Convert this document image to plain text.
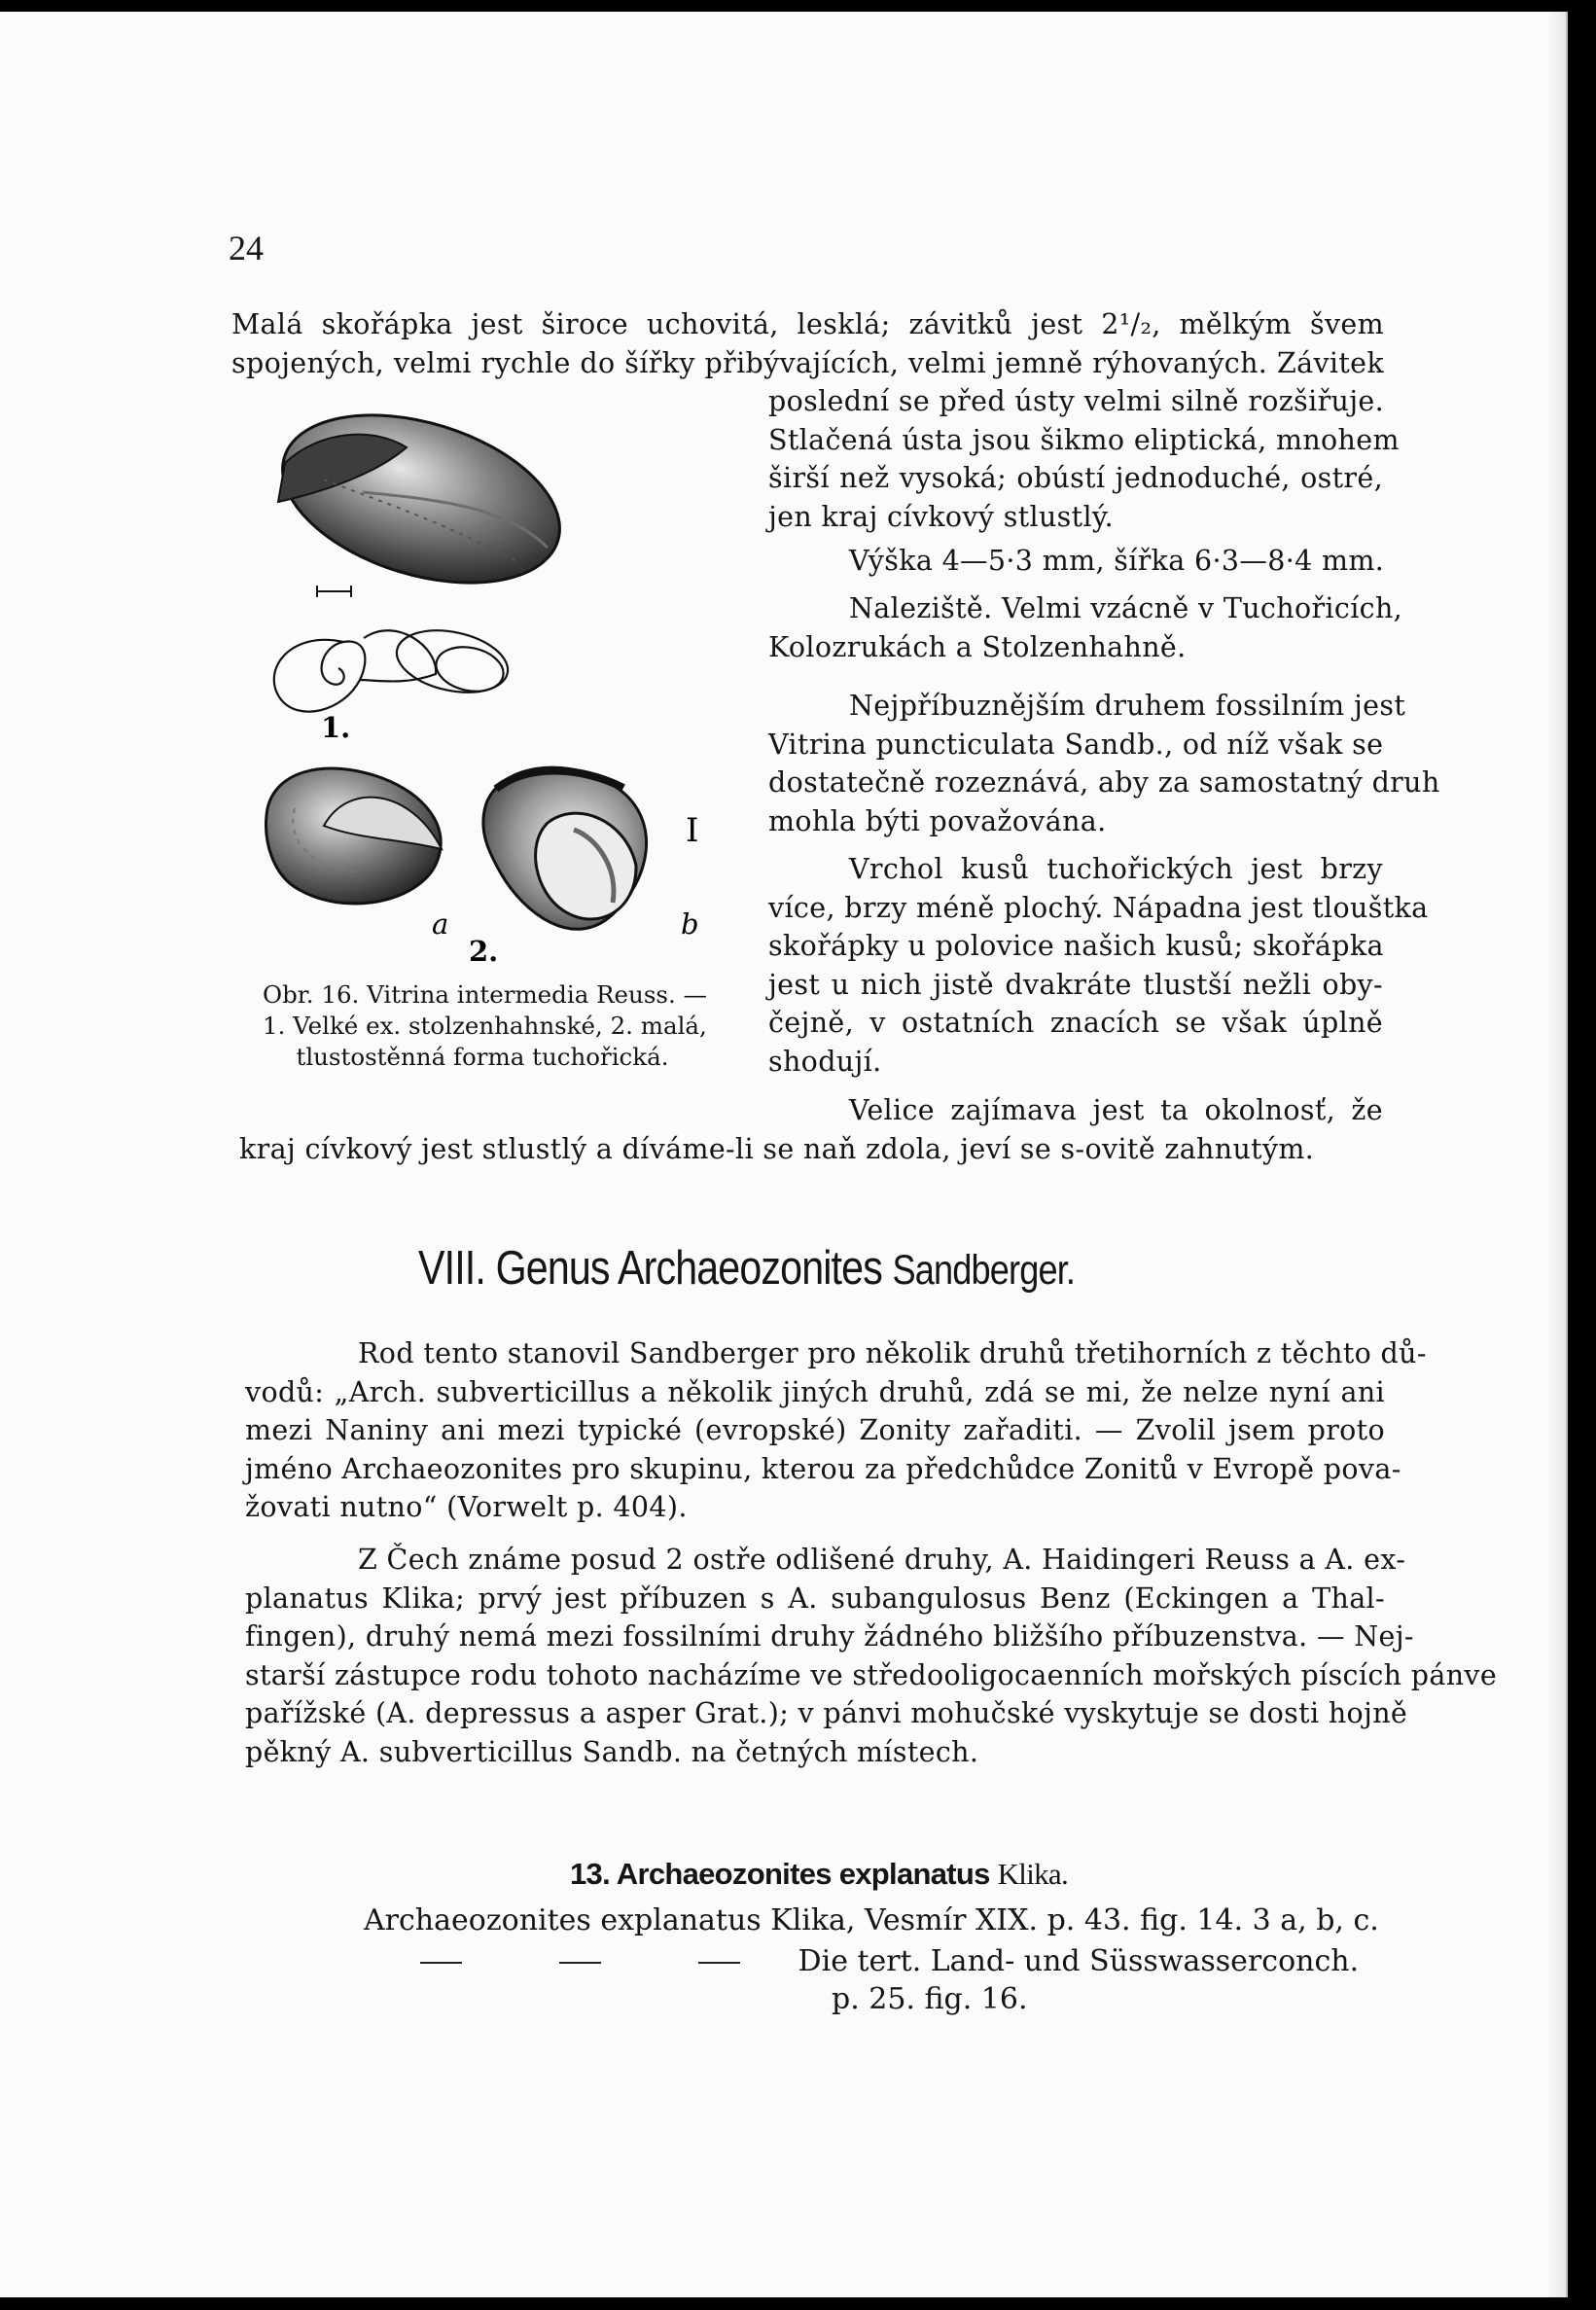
24
Malá skořápka jest široce uchovitá, lesklá; závitků jest 2¹/₂, mělkým švem
spojených, velmi rychle do šířky přibývajících, velmi jemně rýhovaných. Závitek
poslední se před ústy velmi silně rozšiřuje.
Stlačená ústa jsou šikmo eliptická, mnohem
širší než vysoká; obústí jednoduché, ostré,
jen kraj cívkový stlustlý.
Výška 4—5·3 mm, šířka 6·3—8·4 mm.
Naleziště. Velmi vzácně v Tuchořicích,
Kolozrukách a Stolzenhahně.
Nejpříbuznějším druhem fossilním jest
Vitrina puncticulata Sandb., od níž však se
dostatečně rozeznává, aby za samostatný druh
mohla býti považována.
Vrchol kusů tuchořických jest brzy
více, brzy méně plochý. Nápadna jest tlouštka
skořápky u polovice našich kusů; skořápka
jest u nich jistě dvakráte tlustší nežli oby-
čejně, v ostatních znacích se však úplně
shodují.
Velice zajímava jest ta okolnosť, že
kraj cívkový jest stlustlý a díváme-li se naň zdola, jeví se s-ovitě zahnutým.
1.
I
a	b
2.
Obr. 16. Vitrina intermedia Reuss. —
1. Velké ex. stolzenhahnské, 2. malá,
tlustostěnná forma tuchořická.
VIII. Genus Archaeozonites Sandberger.
Rod tento stanovil Sandberger pro několik druhů třetihorních z těchto dů-
vodů: „Arch. subverticillus a několik jiných druhů, zdá se mi, že nelze nyní ani
mezi Naniny ani mezi typické (evropské) Zonity zařaditi. — Zvolil jsem proto
jméno Archaeozonites pro skupinu, kterou za předchůdce Zonitů v Evropě pova-
žovati nutno“ (Vorwelt p. 404).
Z Čech známe posud 2 ostře odlišené druhy, A. Haidingeri Reuss a A. ex-
planatus Klika; prvý jest příbuzen s A. subangulosus Benz (Eckingen a Thal-
fingen), druhý nemá mezi fossilními druhy žádného bližšího příbuzenstva. — Nej-
starší zástupce rodu tohoto nacházíme ve středooligocaenních mořských píscích pánve
pařížské (A. depressus a asper Grat.); v pánvi mohučské vyskytuje se dosti hojně
pěkný A. subverticillus Sandb. na četných místech.
13. Archaeozonites explanatus Klika.
Archaeozonites explanatus Klika, Vesmír XIX. p. 43. fig. 14. 3 a, b, c.
Die tert. Land- und Süsswasserconch.
p. 25. fig. 16.
